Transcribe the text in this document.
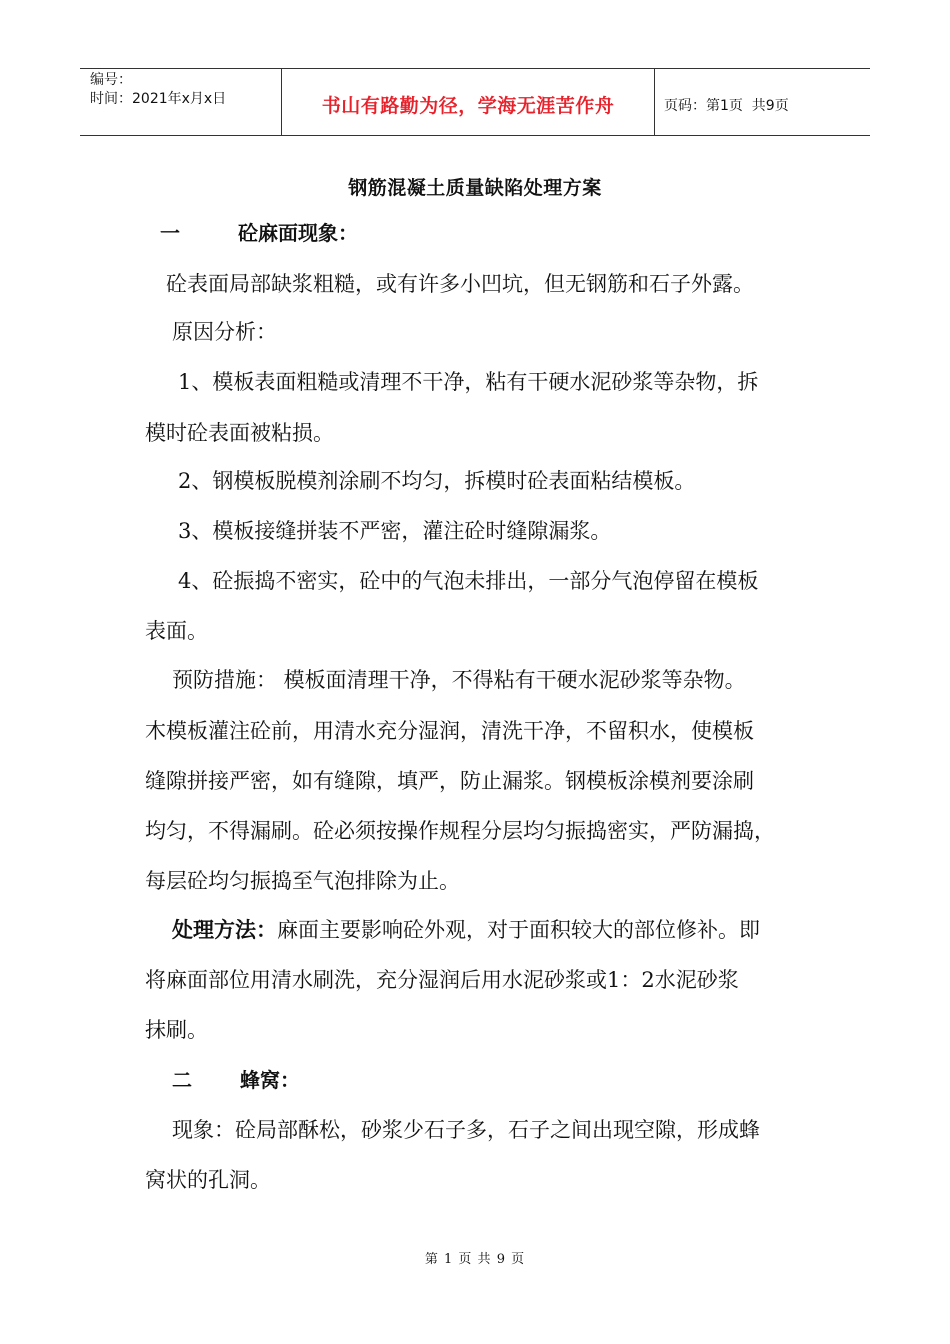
编号：
时间：2021年x月x日	书山有路勤为径，学海无涯苦作舟	页码：第1页  共9页
钢筋混凝土质量缺陷处理方案
一	砼麻面现象：
砼表面局部缺浆粗糙，或有许多小凹坑，但无钢筋和石子外露。
原因分析：
1、模板表面粗糙或清理不干净，粘有干硬水泥砂浆等杂物，拆
模时砼表面被粘损。
2、钢模板脱模剂涂刷不均匀，拆模时砼表面粘结模板。
3、模板接缝拼装不严密，灌注砼时缝隙漏浆。
4、砼振捣不密实，砼中的气泡未排出，一部分气泡停留在模板
表面。
预防措施： 模板面清理干净，不得粘有干硬水泥砂浆等杂物。
木模板灌注砼前，用清水充分湿润，清洗干净，不留积水，使模板
缝隙拼接严密，如有缝隙，填严，防止漏浆。钢模板涂模剂要涂刷
均匀，不得漏刷。砼必须按操作规程分层均匀振捣密实，严防漏捣，
每层砼均匀振捣至气泡排除为止。
处理方法：麻面主要影响砼外观，对于面积较大的部位修补。即
将麻面部位用清水刷洗，充分湿润后用水泥砂浆或1：2水泥砂浆
抹刷。
二 蜂窝：
现象：砼局部酥松，砂浆少石子多，石子之间出现空隙，形成蜂
窝状的孔洞。
第 1 页 共 9 页
